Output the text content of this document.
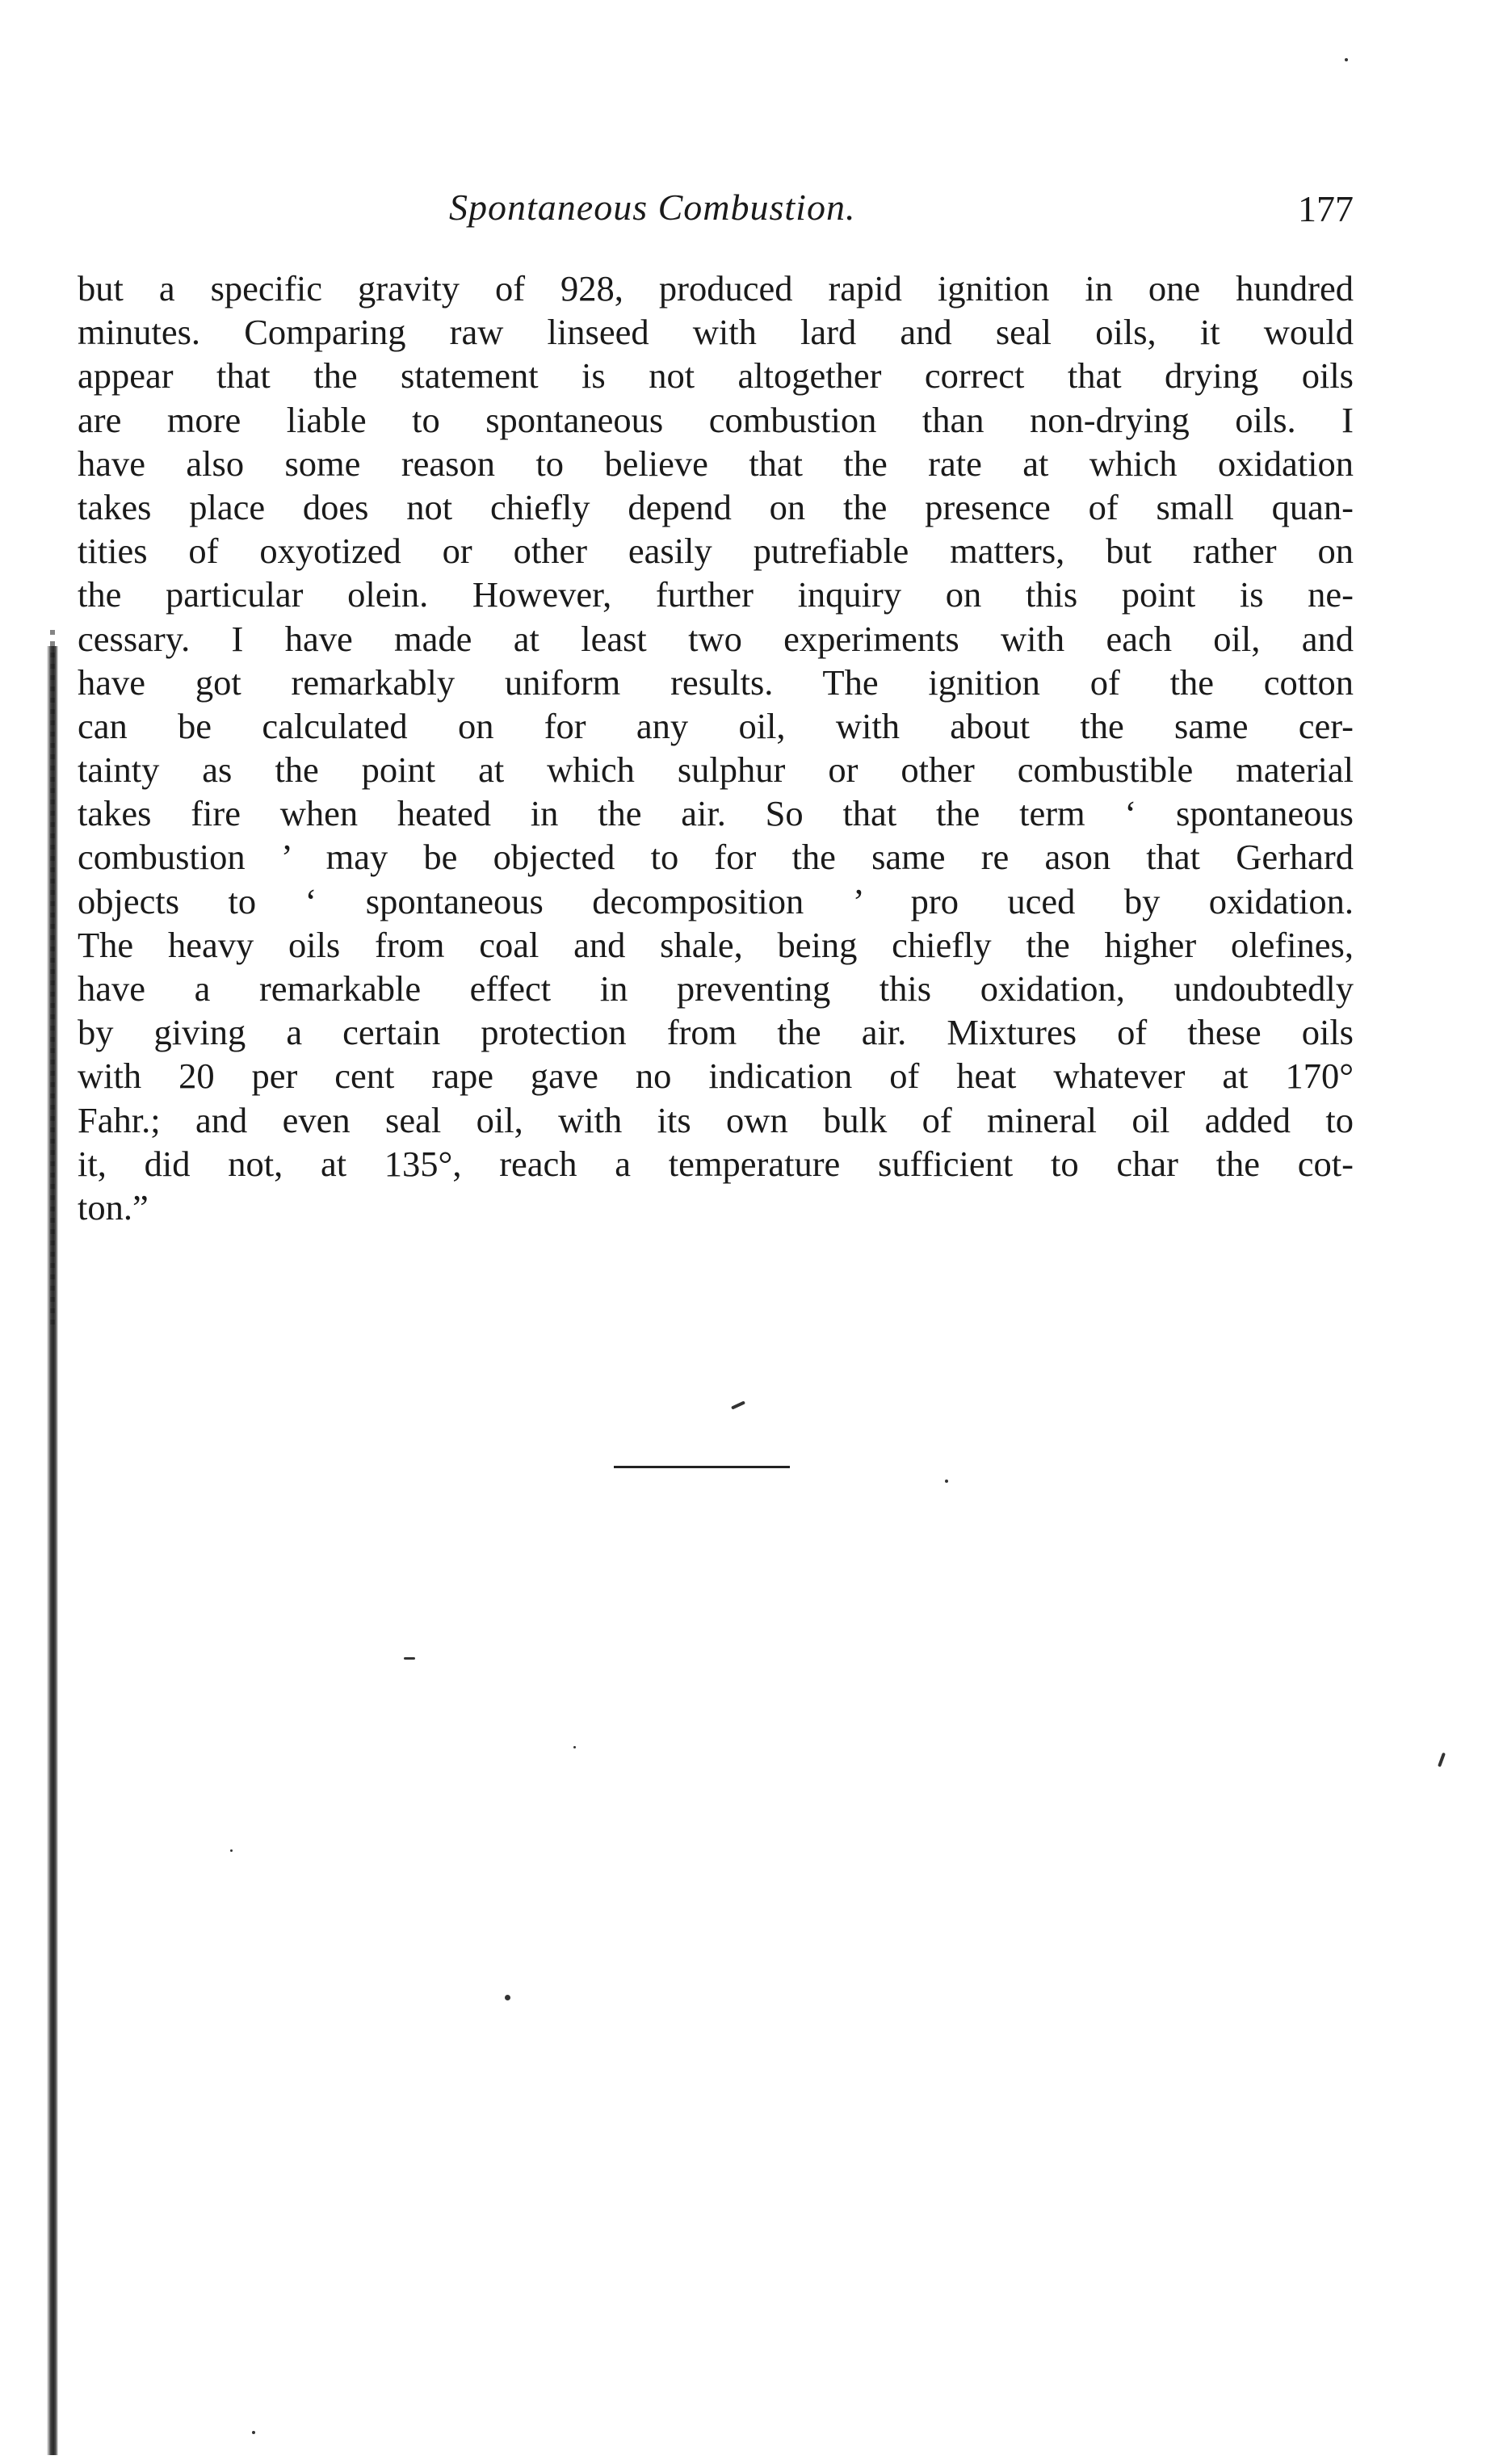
Spontaneous Combustion.	177
but a specific gravity of 928, produced rapid ignition in one hundred
minutes. Comparing raw linseed with lard and seal oils, it would
appear that the statement is not altogether correct that drying oils
are more liable to spontaneous combustion than non-drying oils. I
have also some reason to believe that the rate at which oxidation
takes place does not chiefly depend on the presence of small quan-
tities of oxyotized or other easily putrefiable matters, but rather on
the particular olein. However, further inquiry on this point is ne-
cessary. I have made at least two experiments with each oil, and
have got remarkably uniform results. The ignition of the cotton
can be calculated on for any oil, with about the same cer-
tainty as the point at which sulphur or other combustible material
takes fire when heated in the air. So that the term ‘ spontaneous
combustion ’ may be objected to for the same re ason that Gerhard
objects to ‘ spontaneous decomposition ’ pro uced by oxidation.
The heavy oils from coal and shale, being chiefly the higher olefines,
have a remarkable effect in preventing this oxidation, undoubtedly
by giving a certain protection from the air. Mixtures of these oils
with 20 per cent rape gave no indication of heat whatever at 170°
Fahr.; and even seal oil, with its own bulk of mineral oil added to
it, did not, at 135°, reach a temperature sufficient to char the cot-
ton.”
